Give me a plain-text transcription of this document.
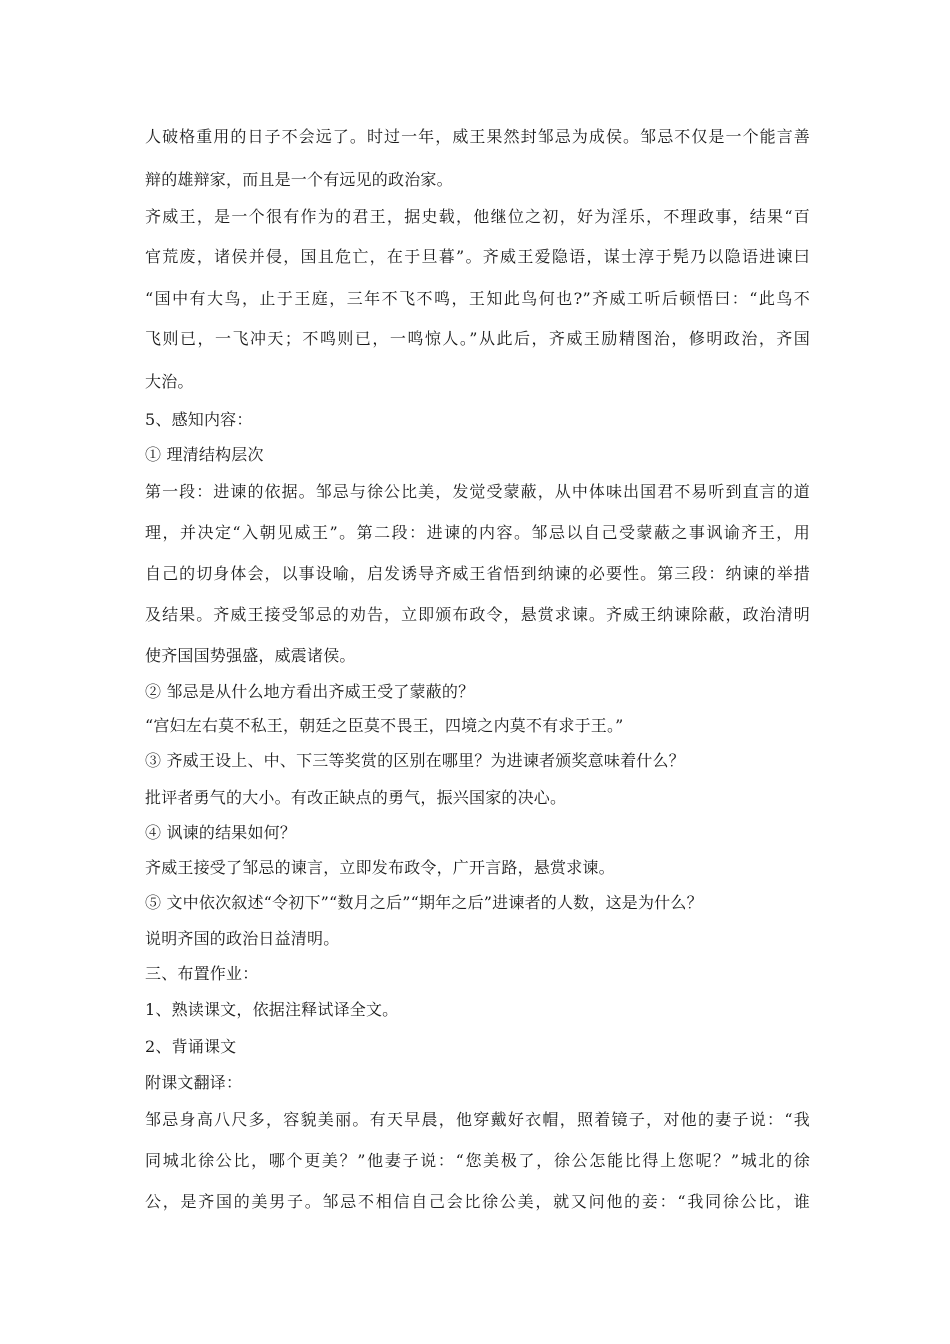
人破格重用的日子不会远了。时过一年，威王果然封邹忌为成侯。邹忌不仅是一个能言善
辩的雄辩家，而且是一个有远见的政治家。
齐威王，是一个很有作为的君王，据史载，他继位之初，好为淫乐，不理政事，结果“百
官荒废，诸侯并侵，国且危亡，在于旦暮”。齐威王爱隐语，谋士淳于髡乃以隐语进谏曰
“国中有大鸟，止于王庭，三年不飞不鸣，王知此鸟何也?”齐威工听后顿悟曰：“此鸟不
飞则已，一飞冲天；不鸣则已，一鸣惊人。”从此后，齐威王励精图治，修明政治，齐国
大治。
5、感知内容：
① 理清结构层次
第一段：进谏的依据。邹忌与徐公比美，发觉受蒙蔽，从中体味出国君不易听到直言的道
理，并决定“入朝见威王”。第二段：进谏的内容。邹忌以自己受蒙蔽之事讽谕齐王，用
自己的切身体会，以事设喻，启发诱导齐威王省悟到纳谏的必要性。第三段：纳谏的举措
及结果。齐威王接受邹忌的劝告，立即颁布政令，悬赏求谏。齐威王纳谏除蔽，政治清明
使齐国国势强盛，威震诸侯。
② 邹忌是从什么地方看出齐威王受了蒙蔽的？
“宫妇左右莫不私王，朝廷之臣莫不畏王，四境之内莫不有求于王。”
③ 齐威王设上、中、下三等奖赏的区别在哪里？为进谏者颁奖意味着什么？
批评者勇气的大小。有改正缺点的勇气，振兴国家的决心。
④ 讽谏的结果如何？
齐威王接受了邹忌的谏言，立即发布政令，广开言路，悬赏求谏。
⑤ 文中依次叙述“令初下”“数月之后”“期年之后”进谏者的人数，这是为什么？
说明齐国的政治日益清明。
三、布置作业：
1、熟读课文，依据注释试译全文。
2、背诵课文
附课文翻译：
邹忌身高八尺多，容貌美丽。有天早晨，他穿戴好衣帽，照着镜子，对他的妻子说：“我
同城北徐公比，哪个更美？”他妻子说：“您美极了，徐公怎能比得上您呢？”城北的徐
公，是齐国的美男子。邹忌不相信自己会比徐公美，就又问他的妾：“我同徐公比，谁
